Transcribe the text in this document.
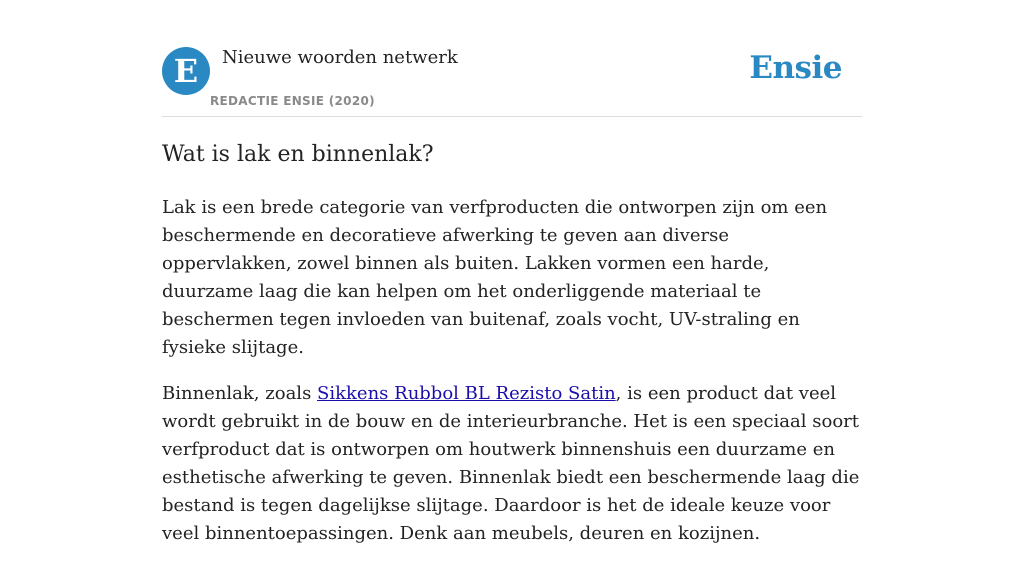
E	Nieuwe woorden netwerk
REDACTIE ENSIE (2020)
Ensie
Wat is lak en binnenlak?

Lak is een brede categorie van verfproducten die ontworpen zijn om een beschermende en decoratieve afwerking te geven aan diverse oppervlakken, zowel binnen als buiten. Lakken vormen een harde, duurzame laag die kan helpen om het onderliggende materiaal te beschermen tegen invloeden van buitenaf, zoals vocht, UV-straling en fysieke slijtage.

Binnenlak, zoals Sikkens Rubbol BL Rezisto Satin, is een product dat veel wordt gebruikt in de bouw en de interieurbranche. Het is een speciaal soort verfproduct dat is ontworpen om houtwerk binnenshuis een duurzame en esthetische afwerking te geven. Binnenlak biedt een beschermende laag die bestand is tegen dagelijkse slijtage. Daardoor is het de ideale keuze voor veel binnentoepassingen. Denk aan meubels, deuren en kozijnen.
